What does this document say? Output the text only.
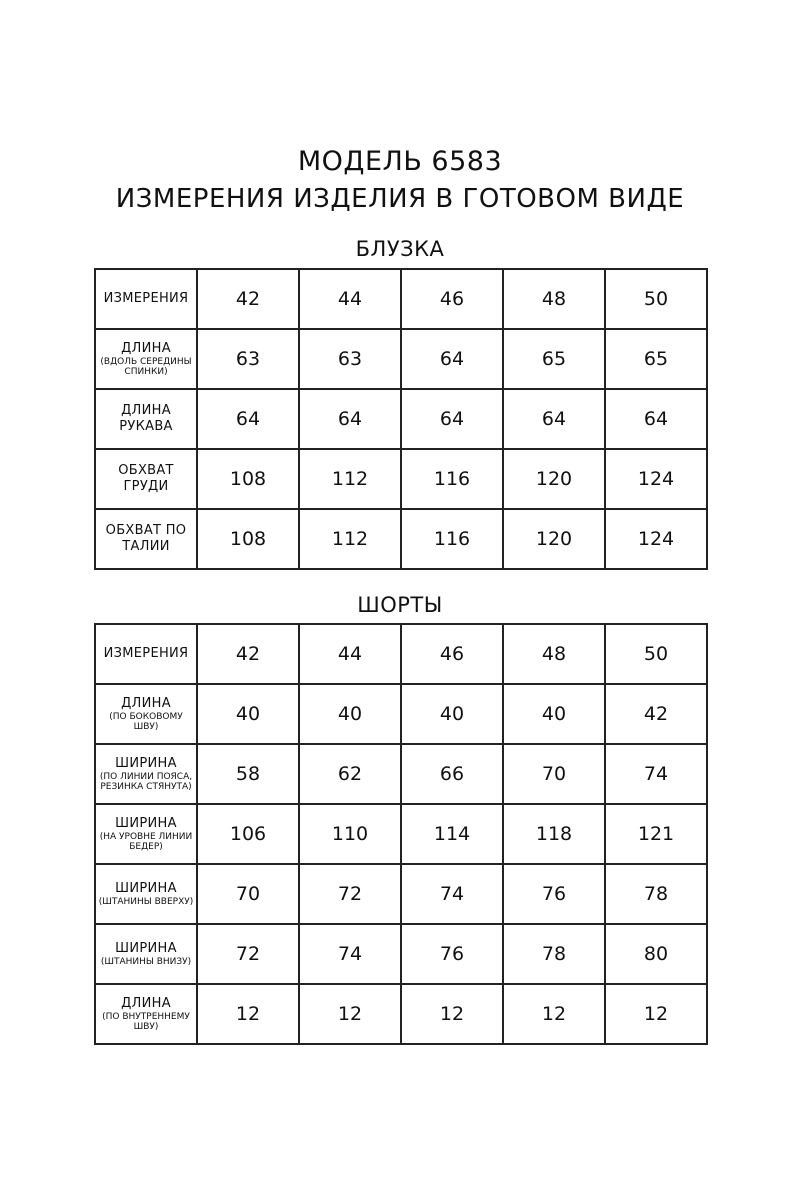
МОДЕЛЬ 6583
ИЗМЕРЕНИЯ ИЗДЕЛИЯ В ГОТОВОМ ВИДЕ
БЛУЗКА
ИЗМЕРЕНИЯ	42	44	46	48	50

ДЛИНА
(ВДОЛЬ СЕРЕДИНЫ СПИНКИ)	63	63	64	65	65

ДЛИНА РУКАВА	64	64	64	64	64

ОБХВАТ ГРУДИ	108	112	116	120	124

ОБХВАТ ПО ТАЛИИ	108	112	116	120	124
ШОРТЫ
ИЗМЕРЕНИЯ	42	44	46	48	50

ДЛИНА
(ПО БОКОВОМУ ШВУ)	40	40	40	40	42

ШИРИНА
(ПО ЛИНИИ ПОЯСА, РЕЗИНКА СТЯНУТА)	58	62	66	70	74

ШИРИНА
(НА УРОВНЕ ЛИНИИ БЕДЕР)	106	110	114	118	121

ШИРИНА
(ШТАНИНЫ ВВЕРХУ)	70	72	74	76	78

ШИРИНА
(ШТАНИНЫ ВНИЗУ)	72	74	76	78	80

ДЛИНА
(ПО ВНУТРЕННЕМУ ШВУ)	12	12	12	12	12
